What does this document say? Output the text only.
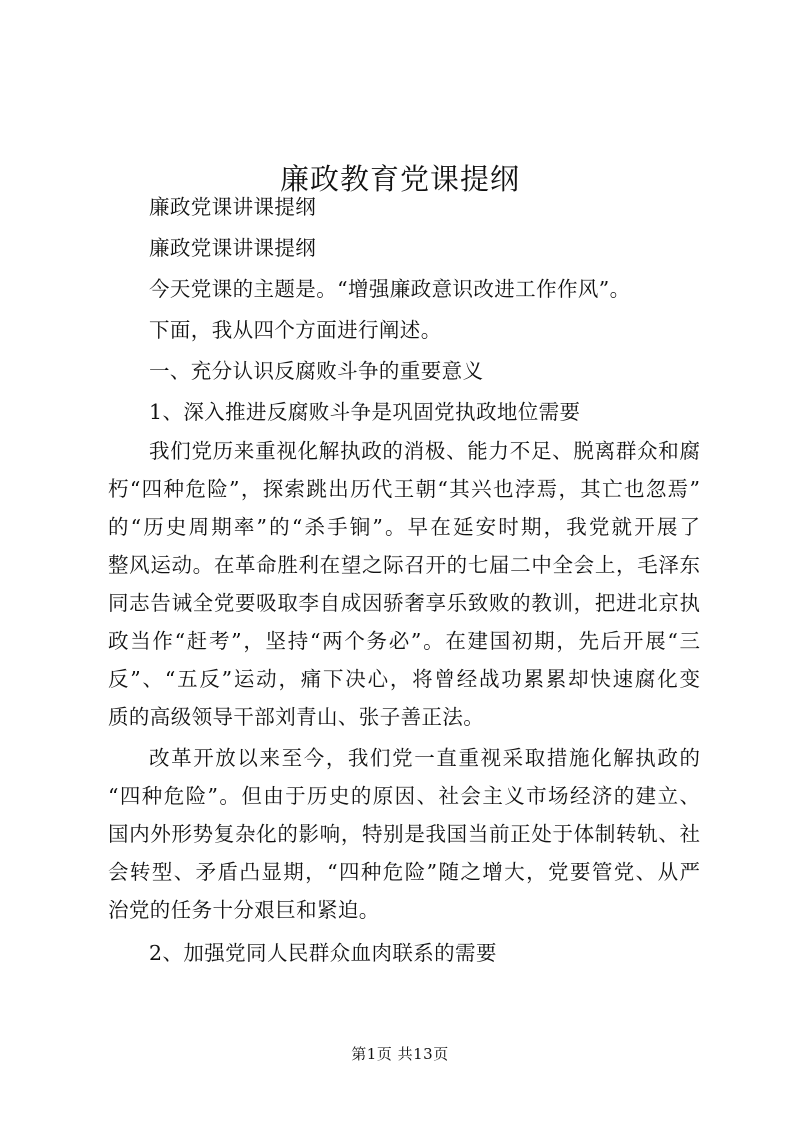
廉政教育党课提纲
廉政党课讲课提纲
廉政党课讲课提纲
今天党课的主题是。“增强廉政意识改进工作作风”。
下面，我从四个方面进行阐述。
一、充分认识反腐败斗争的重要意义
1、深入推进反腐败斗争是巩固党执政地位需要
我们党历来重视化解执政的消极、能力不足、脱离群众和腐
朽“四种危险”，探索跳出历代王朝“其兴也浡焉，其亡也忽焉”
的“历史周期率”的“杀手锏”。早在延安时期，我党就开展了
整风运动。在革命胜利在望之际召开的七届二中全会上，毛泽东
同志告诫全党要吸取李自成因骄奢享乐致败的教训，把进北京执
政当作“赶考”，坚持“两个务必”。在建国初期，先后开展“三
反”、“五反”运动，痛下决心，将曾经战功累累却快速腐化变
质的高级领导干部刘青山、张子善正法。
改革开放以来至今，我们党一直重视采取措施化解执政的
“四种危险”。但由于历史的原因、社会主义市场经济的建立、
国内外形势复杂化的影响，特别是我国当前正处于体制转轨、社
会转型、矛盾凸显期，“四种危险”随之增大，党要管党、从严
治党的任务十分艰巨和紧迫。
2、加强党同人民群众血肉联系的需要
第1页 共13页
